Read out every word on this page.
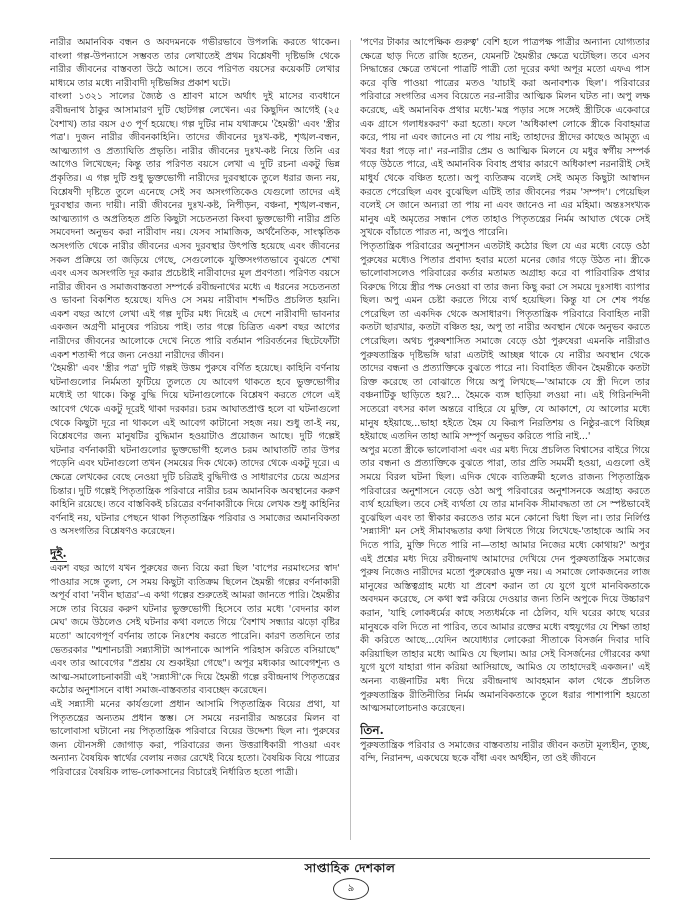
নারীর অমানবিক বন্ধন ও অবদমনকে গভীরভাবে উপলব্ধি করতে থাকেন। বাংলা গল্প-উপন্যাসে সম্ভবত তার লেখাতেই প্রথম বিশ্লেষণী দৃষ্টিভঙ্গি থেকে নারীর জীবনের বাস্তবতা উঠে আসে। তবে পরিণত বয়সের কয়েকটি লেখার মাধ্যমে তার মধ্যে নারীবাদী দৃষ্টিভঙ্গির প্রকাশ ঘটে।

বাংলা ১৩২১ সালের জ্যৈষ্ঠ ও শ্রাবণ মাসে অর্থাৎ দুই মাসের ব্যবধানে রবীন্দ্রনাথ ঠাকুর আসামারণ দুটি ছোটগল্প লেখেন। এর কিছুদিন আগেই (২৫ বৈশাখ) তার বয়স ৫৩ পূর্ণ হয়েছে। গল্প দুটির নাম যথাক্রমে 'হৈমন্তী' এবং 'স্ত্রীর পত্র'। দুজন নারীর জীবনকাহিনি। তাদের জীবনের দুঃখ-কষ্ট, শৃঙ্খল-বন্ধন, আত্মত্যাগ ও প্রত্যাঘিতি প্রভৃতি। নারীর জীবনের দুঃখ-কষ্ট নিয়ে তিনি এর আগেও লিখেছেন; কিন্তু তার পরিণত বয়সে লেখা এ দুটি রচনা একটু ভিন্ন প্রকৃতির। এ গল্প দুটি শুধু ভুক্তভোগী নারীদের দুরবস্থাকে তুলে ধরার জন্য নয়, বিশ্লেষণী দৃষ্টিতে তুলে এনেছে সেই সব অসংগতিকেও যেগুলো তাদের এই দুরবস্থার জন্য দায়ী। নারী জীবনের দুঃখ-কষ্ট, নিপীড়ন, বঞ্চনা, শৃঙ্খল-বন্ধন, আত্মত্যাগ ও অপ্রতিহত প্রতি কিছুটা সচেতনতা কিংবা ভুক্তভোগী নারীর প্রতি সমবেদনা অনুভব করা নারীবাদ নয়। যেসব সামাজিক, অর্থনৈতিক, সাংস্কৃতিক অসংগতি থেকে নারীর জীবনের এসব দুরবস্থার উৎপত্তি হয়েছে এবং জীবনের সকল প্রক্রিয়ে তা জড়িয়ে গেছে, সেগুলোকে যুক্তিসংগতভাবে বুঝতে শেখা এবং এসব অসংগতি দূর করার প্রচেষ্টাই নারীবাদের মূল প্রবণতা। পরিণত বয়সে নারীর জীবন ও সমাজবাস্তবতা সম্পর্কে রবীন্দ্রনাথের মধ্যে এ ধরনের সচেতনতা ও ভাবনা বিকশিত হয়েছে। যদিও সে সময় নারীবাদ শব্দটিও প্রচলিত হয়নি। একশ বছর আগে লেখা এই গল্প দুটির মধ্য দিয়েই এ দেশে নারীবাদী ভাবনার একজন অগ্রণী মানুষের পরিচয় পাই। তার গল্পে চিত্রিত একশ বছর আগের নারীদের জীবনের আলোকে দেখে নিতে পারি বর্তমান পরিবর্তনের ছিটেফোঁটা একশ শতাব্দী পরে জন্য নেওয়া নারীদের জীবন।

'হৈমন্তী' এবং 'স্ত্রীর পত্র' দুটি গল্পই উত্তম পুরুষে বর্ণিত হয়েছে। কাহিনি বর্ণনায় ঘটনাগুলোর নির্মমতা ফুটিয়ে তুলতে যে আবেগ থাকতে হবে ভুক্তভোগীর মধ্যেই তা থাকে। কিন্তু বুদ্ধি দিয়ে ঘটনাগুলোকে বিশ্লেষণ করতে গেলে এই আবেগ থেকে একটু দূরেই থাকা দরকার। চরম আঘাতপ্রাপ্ত হলে বা ঘটনাগুলো থেকে কিছুটা দূরে না থাকলে এই আবেগ কাটানো সহজ নয়। শুধু তা-ই নয়, বিশ্লেষণের জন্য মানুষটির বুদ্ধিমান হওয়াটাও প্রয়োজন আছে। দুটি গল্পেই ঘটনার বর্ণনাকারী ঘটনাগুলোর ভুক্তভোগী হলেও চরম আঘাতটি তার উপর পড়েনি এবং ঘটনাগুলো তখন (সময়ের দিক থেকে) তাদের থেকে একটু দূরে। এ ক্ষেত্রে লেখকের বেছে নেওয়া দুটি চরিত্রই বুদ্ধিদীপ্ত ও সাধারণের চেয়ে অগ্রসর চিন্তার। দুটি গল্পেই পিতৃতান্ত্রিক পরিবারে নারীর চরম অমানবিক অবস্থানের করুণ কাহিনি রয়েছে। তবে বাস্তবিকই চরিত্রের বর্ণনাকারীকে দিয়ে লেখক শুধু কাহিনির বর্ণনাই নয়, ঘটনার পেছনে থাকা পিতৃতান্ত্রিক পরিবার ও সমাজের অমানবিকতা ও অসংগতির বিশ্লেষণও করেছেন।

দুই.

একশ বছর আগে যখন পুরুষের জন্য বিয়ে করা ছিল 'বাপের নরমাংসের স্বাদ' পাওয়ার সঙ্গে তুল্য, সে সময় কিছুটা ব্যতিক্রম ছিলেন হৈমন্তী গল্পের বর্ণনাকারী অপূর্ব বাবা 'নবীন ছাত্রর'–এ কথা গল্পের শুরুতেই আমরা জানতে পারি। হৈমন্তীর সঙ্গে তার বিয়ের করুণ ঘটনার ভুক্তভোগী হিসেবে তার মধ্যে 'বেদনার কাল মেঘ' জমে উঠলেও সেই ঘটনার কথা বলতে গিয়ে 'বৈশাখ সন্ধ্যার ঝড়ো বৃষ্টির মতো' আবেগপূর্ণ বর্ণনায় তাকে নিঃশেষ করতে পারেনি। কারণ ততদিনে তার ভেতরকার "শ্মশানচারী সন্ন্যাসীটা আপনাকে আপনি পরিহাস করিতে বসিয়াছে" এবং তার আবেগের "প্রশ্রয় যে শুকাইয়া গেছে"। অপূর মধ্যকার আবেগশূন্য ও আত্ম-সমালোচনাকারী এই 'সন্ন্যাসী'কে দিয়ে হৈমন্তী গল্পে রবীন্দ্রনাথ পিতৃতন্ত্রের কঠোর অনুশাসনে বাধা সমাজ-বাস্তবতার ব্যবচ্ছেদ করেছেন।

এই সন্ন্যাসী মনের কার্যগুলো প্রধান আসামি পিতৃতান্ত্রিক বিয়ের প্রথা, যা পিতৃতন্ত্রের অন্যতম প্রধান স্তম্ভ। সে সময়ে নরনারীর অন্তরের মিলন বা ভালোবাসা ঘটানো নয় পিতৃতান্ত্রিক পরিবারে বিয়ের উদ্দেশ্য ছিল না। পুরুষের জন্য যৌনসঙ্গী জোগাড় করা, পরিবারের জন্য উত্তরাধিকারী পাওয়া এবং অন্যান্য বৈষয়িক স্বার্থের বেলায় নজর রেখেই বিয়ে হতো। বৈষয়িক বিয়ে পাত্রের পরিবারের বৈষয়িক লাভ-লোকসানের বিচারেই নির্ধারিত হতো পাত্রী।

'পণের টাকার আপেক্ষিক গুরুত্ব' বেশি হলে পাত্রপক্ষ পাত্রীর অন্যান্য যোগ্যতার ক্ষেত্রে ছাড় দিতে রাজি হতেন, যেমনটি হৈমন্তীর ক্ষেত্রে ঘটেছিল। তবে এসব সিদ্ধান্তের ক্ষেত্রে তখনো পাত্রটি পাত্রী তো দূরের কথা অপূর মতো এফএ পাস করে বৃত্তি পাওয়া পাত্রের মতও 'যাচাই করা অনাবশ্যক ছিল'। পরিবারের পরিবারে সংগতির এসব বিয়েতে নর-নারীর আত্মিক মিলন ঘটত না। অপু লক্ষ করেছে, এই অমানবিক প্রথার মধ্যে-'মন্ত্র পড়ার সঙ্গে সঙ্গেই স্ত্রীটিকে একেবারে এক গ্রাসে গলাধঃকরণ' করা হতো। ফলে 'অধিকাংশ লোকে স্ত্রীকে বিবাহমাত্র করে, পায় না এবং জানেও না যে পায় নাই; তাহাদের স্ত্রীদের কাছেও আমৃত্যু এ খবর ধরা পড়ে না।' নর-নারীর প্রেম ও আত্মিক মিলনে যে মধুর স্বর্গীয় সম্পর্ক গড়ে উঠতে পারে, এই অমানবিক বিবাহ প্রথার কারণে অধিকাংশ নরনারীই সেই মাধুর্য থেকে বঞ্চিত হতো। অপু ব্যতিক্রম বলেই সেই অমৃত কিছুটা আস্বাদন করতে পেরেছিল এবং বুঝেছিল এটিই তার জীবনের পরম 'সম্পদ'। পেয়েছিল বলেই সে জানে অন্যরা তা পায় না এবং জানেও না এর মহিমা। অন্তঃসংখ্যক মানুষ এই অমৃতের সন্ধান পেত তাহাও পিতৃতন্ত্রের নির্মম আঘাত থেকে সেই সুখকে বাঁচাতে পারত না, অপুও পারেনি।

পিতৃতান্ত্রিক পরিবারের অনুশাসন এতটাই কঠোর ছিল যে এর মধ্যে বেড়ে ওঠা পুরুষের মধ্যেও পিতার প্রবাদ্য হবার মতো মনের জোর গড়ে উঠত না। স্ত্রীকে ভালোবাসলেও পরিবারের কর্তার মতামত অগ্রাহ্য করে বা পারিবারিক প্রথার বিরুদ্ধে গিয়ে স্ত্রীর পক্ষ নেওয়া বা তার জন্য কিছু করা সে সময়ে দুঃসাধ্য ব্যাপার ছিল। অপু এমন চেষ্টা করতে গিয়ে ব্যর্থ হয়েছিল। কিন্তু যা সে শেষ পর্যন্ত পেরেছিল তা একদিক থেকে অসাধারণ। পিতৃতান্ত্রিক পরিবারে বিবাহিত নারী কতটা ছারখার, কতটা বঞ্চিত হয়, অপু তা নারীর অবস্থান থেকে অনুভব করতে পেরেছিল। অথচ পুরুষশাসিত সমাজে বেড়ে ওঠা পুরুষেরা এমনকি নারীরাও পুরুষতান্ত্রিক দৃষ্টিভঙ্গি দ্বারা এতটাই আচ্ছন্ন থাকে যে নারীর অবস্থান থেকে তাদের বন্ধনা ও প্রত্যাক্তিকে বুঝতে পারে না। বিবাহিত জীবন হৈমন্তীকে কতটা রিক্ত করেছে তা বোঝাতে গিয়ে অপু লিখছে—'আমাকে যে স্ত্রী দিলে তার বঞ্চনাটিকু ছাড়িতে হয়?... হৈমকে ব্যঙ্গ ছাড়িয়া লওয়া না। এই গিরিনন্দিনী সতেরো বৎসর কাল অন্তরে বাহিরে যে মুক্তি, যে আকাশে, যে আলোর মধ্যে মানুষ হইয়াছে...ভাহা হইতে হৈম যে কিরূপ নিরতিশয় ও নিষ্ঠুর-রূপে বিচ্ছিন্ন হইয়াছে এতদিন তাহা আমি সম্পূর্ণ অনুভব করিতে পারি নাই...'

অপুর মতো স্ত্রীকে ভালোবাসা এবং এর মধ্য দিয়ে প্রচলিত বিশ্বাসের বাইরে গিয়ে তার বন্ধনা ও প্রত্যাক্তিকে বুঝতে পারা, তার প্রতি সমমর্মী হওয়া, এগুলো ওই সময়ে বিরল ঘটনা ছিল। এদিক থেকে ব্যতিক্রমী হলেও রাজন্য পিতৃতান্ত্রিক পরিবারের অনুশাসনে বেড়ে ওঠা অপু পরিবারের অনুশাসনকে অগ্রাহ্য করতে ব্যর্থ হয়েছিল। তবে সেই ব্যর্থতা যে তার মানবিক সীমাবদ্ধতা তা সে স্পষ্টভাবেই বুঝেছিল এবং তা স্বীকার করতেও তার মনে কোনো দ্বিধা ছিল না। তার নির্লিপ্ত 'সন্ন্যাসী' মন সেই সীমাবদ্ধতার কথা লিখতে গিয়ে লিখেছে-'তাহাকে আমি সব দিতে পারি, মুক্তি দিতে পারি না—তাহা আমার নিজের মধ্যে কোথায়?' অপুর এই প্রশ্নের মধ্য দিয়ে রবীন্দ্রনাথ আমাদের দেখিয়ে দেন পুরুষতান্ত্রিক সমাজের পুরুষ নিজেও নারীদের মতো পুরুষেরাও মুক্ত নয়। এ সমাজে লোকজনের লাজ মানুষের অস্তিত্বগ্রাহ মধ্যে যা প্রবেশ করান তা যে যুগে যুগে মানবিকতাকে অবদমন করেছে, সে কথা স্বপ্ন করিয়ে দেওয়ার জন্য তিনি অপুকে দিয়ে উচ্চারণ করান, 'যাহি লোকধর্মের কাছে সত্যধর্মকে না ঠেলিব, যদি ঘরের কাছে ঘরের মানুষকে বলি দিতে না পারিব, তবে আমার রক্তের মধ্যে বহুযুগের যে শিক্ষা তাহা কী করিতে আছে...যেদিন অযোধ্যার লোকেরা সীতাকে বিসর্জন দিবার দাবি করিয়াছিল তাহার মধ্যে আমিও যে ছিলাম। আর সেই বিসর্জনের গৌরবের কথা যুগে যুগে যাহারা গান করিয়া আসিয়াছে, আমিও যে তাহাদেরই একজন।' এই অনন্য ব্যঞ্জনাটির মধ্য দিয়ে রবীন্দ্রনাথ আবহমান কাল থেকে প্রচলিত পুরুষতান্ত্রিক রীতিনীতির নির্মম অমানবিকতাকে তুলে ধরার পাশাপাশি হয়তো আত্মসমালোচনাও করেছেন।

তিন.

পুরুষতান্ত্রিক পরিবার ও সমাজের বাস্তবতায় নারীর জীবন কতটা মূল্যহীন, তুচ্ছ, বন্দি, নিরানন্দ, একঘেয়ে ছকে বাঁধা এবং অর্থহীন, তা ওই জীবনে

সাপ্তাহিক দেশকাল
৯
